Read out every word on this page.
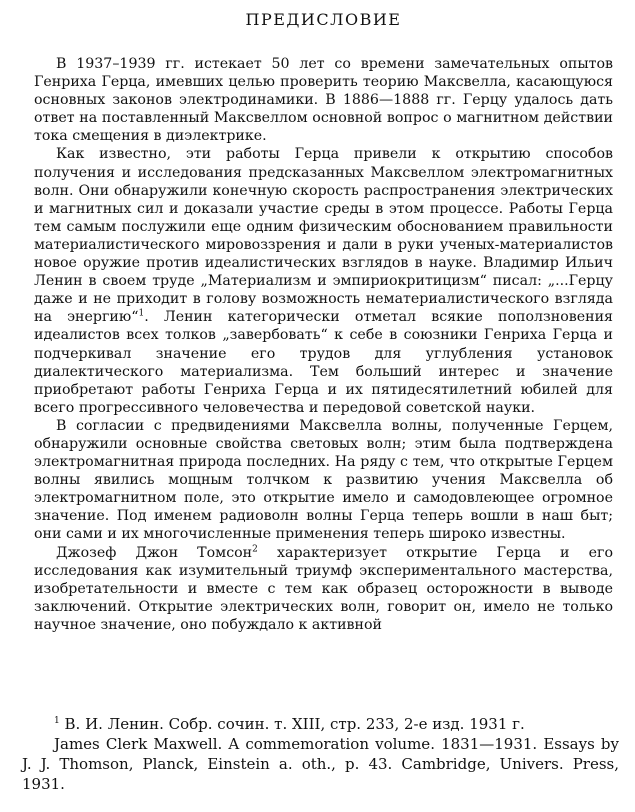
ПРЕДИСЛОВИЕ

В 1937–1939 гг. истекает 50 лет со времени замечательных опытов Генриха Герца, имевших целью проверить теорию Максвелла, касающуюся основных законов электродинамики. В 1886—1888 гг. Герцу удалось дать ответ на поставленный Максвеллом основной вопрос о магнитном действии тока смещения в диэлектрике.

Как известно, эти работы Герца привели к открытию способов получения и исследования предсказанных Максвеллом электромагнитных волн. Они обнаружили конечную скорость распространения электрических и магнитных сил и доказали участие среды в этом процессе. Работы Герца тем самым послужили еще одним физическим обоснованием правильности материалистического мировоззрения и дали в руки ученых-материалистов новое оружие против идеалистических взглядов в науке. Владимир Ильич Ленин в своем труде „Материализм и эмпириокритицизм“ писал: „...Герцу даже и не приходит в голову возможность нематериалистического взгляда на энергию“$^1$. Ленин категорически отметал всякие поползновения идеалистов всех толков „завербовать“ к себе в союзники Генриха Герца и подчеркивал значение его трудов для углубления установок диалектического материализма. Тем больший интерес и значение приобретают работы Генриха Герца и их пятидесятилетний юбилей для всего прогрессивного человечества и передовой советской науки.

В согласии с предвидениями Максвелла волны, полученные Герцем, обнаружили основные свойства световых волн; этим была подтверждена электромагнитная природа последних. На ряду с тем, что открытые Герцем волны явились мощным толчком к развитию учения Максвелла об электромагнитном поле, это открытие имело и самодовлеющее огромное значение. Под именем радиоволн волны Герца теперь вошли в наш быт; они сами и их многочисленные применения теперь широко известны.

Джозеф Джон Томсон$^2$ характеризует открытие Герца и его исследования как изумительный триумф экспериментального мастерства, изобретательности и вместе с тем как образец осторожности в выводе заключений. Открытие электрических волн, говорит он, имело не только научное значение, оно побуждало к активной

$^1$ В. И. Ленин. Собр. сочин. т. XIII, стр. 233, 2-е изд. 1931 г.

James Clerk Maxwell. A commemoration volume. 1831—1931. Essays by J. J. Thomson, Planck, Einstein a. oth., p. 43. Cambridge, Univers. Press, 1931.
